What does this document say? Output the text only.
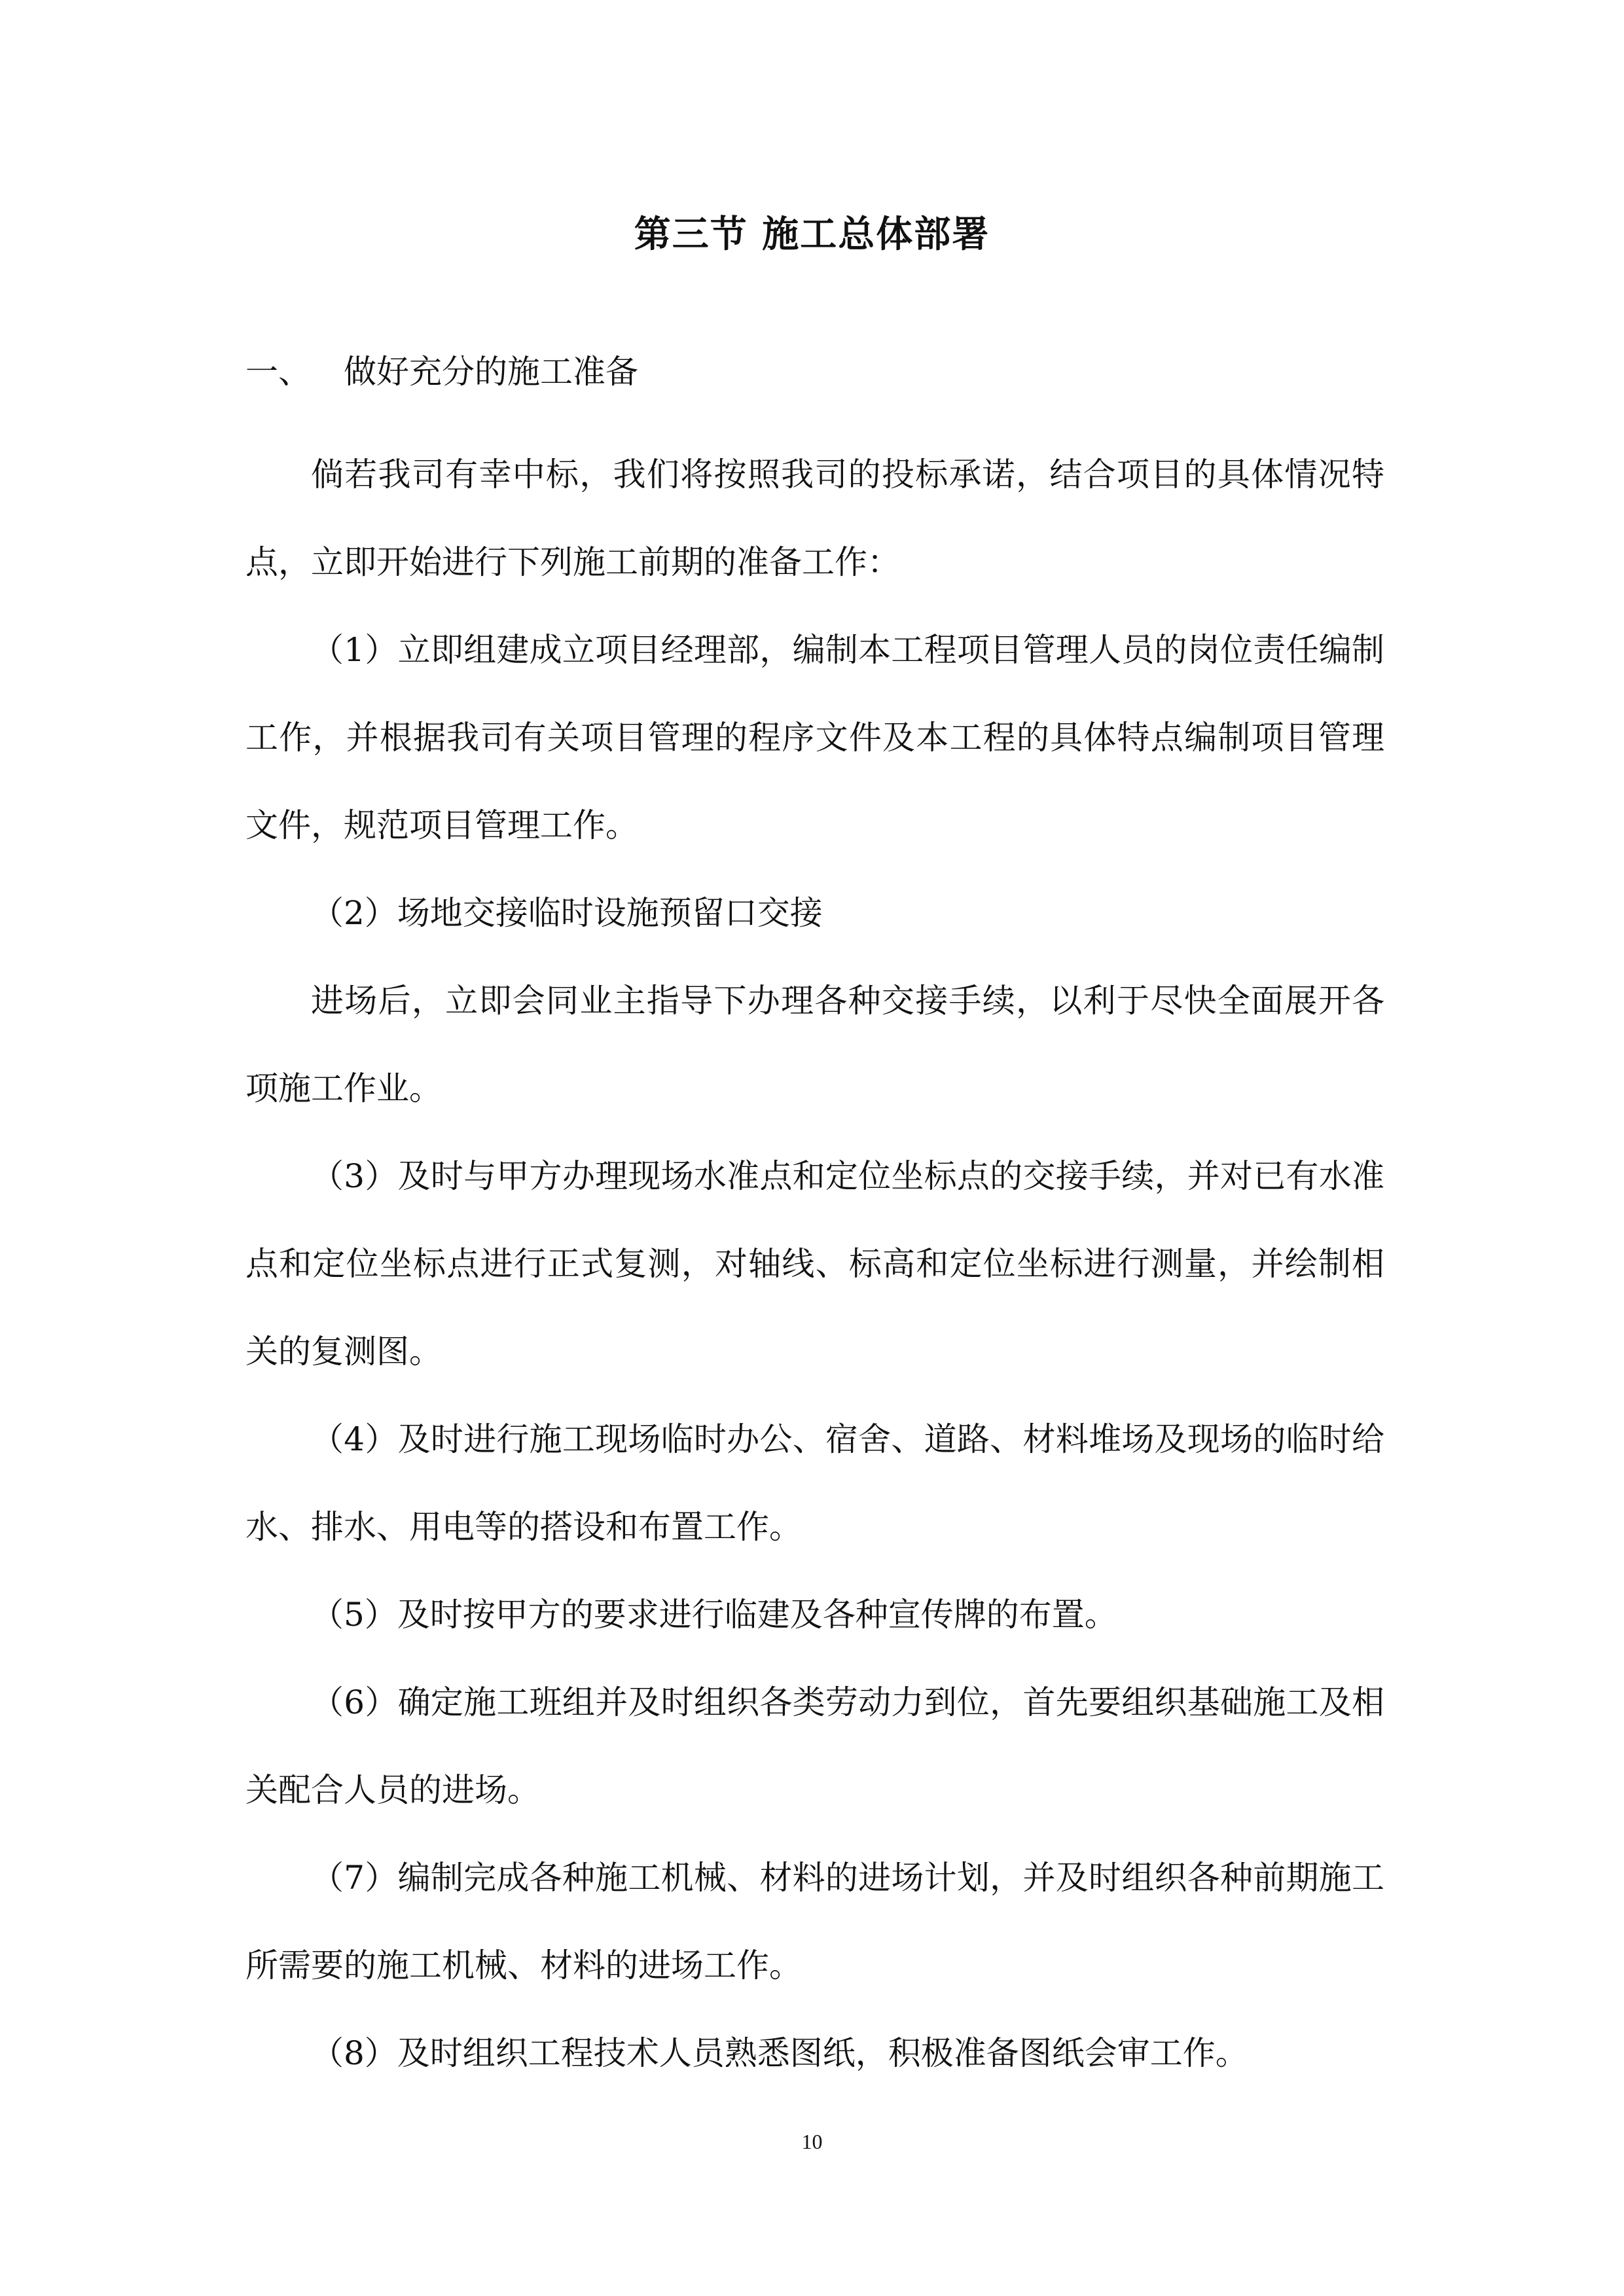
第三节 施工总体部署
一、 做好充分的施工准备

倘若我司有幸中标，我们将按照我司的投标承诺，结合项目的具体情况特点，立即开始进行下列施工前期的准备工作：

（1）立即组建成立项目经理部，编制本工程项目管理人员的岗位责任编制工作，并根据我司有关项目管理的程序文件及本工程的具体特点编制项目管理文件，规范项目管理工作。

（2）场地交接临时设施预留口交接

进场后，立即会同业主指导下办理各种交接手续，以利于尽快全面展开各项施工作业。

（3）及时与甲方办理现场水准点和定位坐标点的交接手续，并对已有水准点和定位坐标点进行正式复测，对轴线、标高和定位坐标进行测量，并绘制相关的复测图。

（4）及时进行施工现场临时办公、宿舍、道路、材料堆场及现场的临时给水、排水、用电等的搭设和布置工作。

（5）及时按甲方的要求进行临建及各种宣传牌的布置。

（6）确定施工班组并及时组织各类劳动力到位，首先要组织基础施工及相关配合人员的进场。

（7）编制完成各种施工机械、材料的进场计划，并及时组织各种前期施工所需要的施工机械、材料的进场工作。

（8）及时组织工程技术人员熟悉图纸，积极准备图纸会审工作。

10
